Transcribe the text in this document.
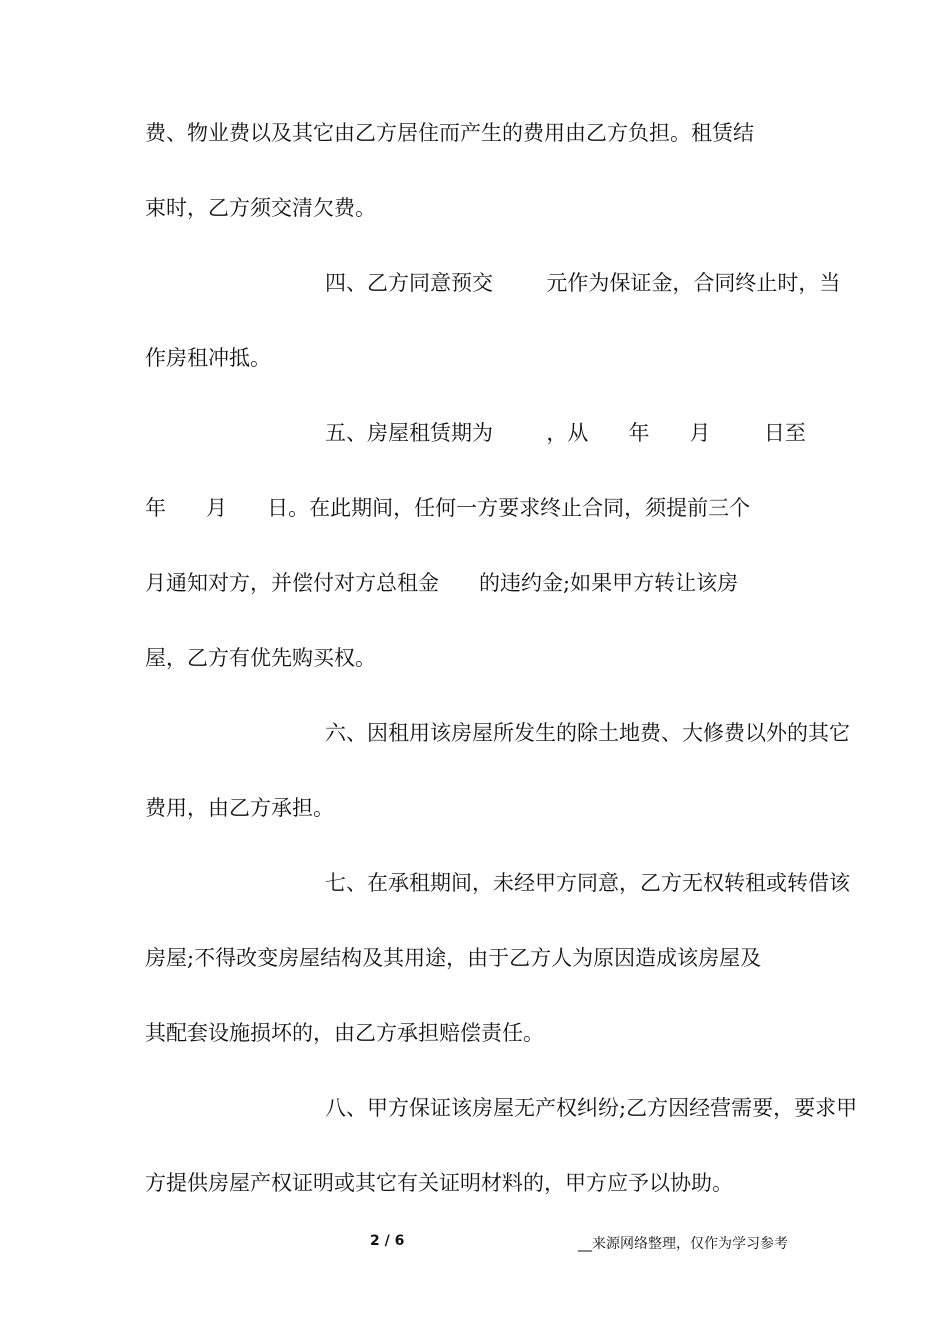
费、物业费以及其它由乙方居住而产生的费用由乙方负担。租赁结
束时，乙方须交清欠费。
四、乙方同意预交        元作为保证金，合同终止时，当
作房租冲抵。
五、房屋租赁期为        ，从      年      月        日至
年      月      日。在此期间，任何一方要求终止合同，须提前三个
月通知对方，并偿付对方总租金      的违约金;如果甲方转让该房
屋，乙方有优先购买权。
六、因租用该房屋所发生的除土地费、大修费以外的其它
费用，由乙方承担。
七、在承租期间，未经甲方同意，乙方无权转租或转借该
房屋;不得改变房屋结构及其用途，由于乙方人为原因造成该房屋及
其配套设施损坏的，由乙方承担赔偿责任。
八、甲方保证该房屋无产权纠纷;乙方因经营需要，要求甲
方提供房屋产权证明或其它有关证明材料的，甲方应予以协助。
2 / 6	__来源网络整理，仅作为学习参考
